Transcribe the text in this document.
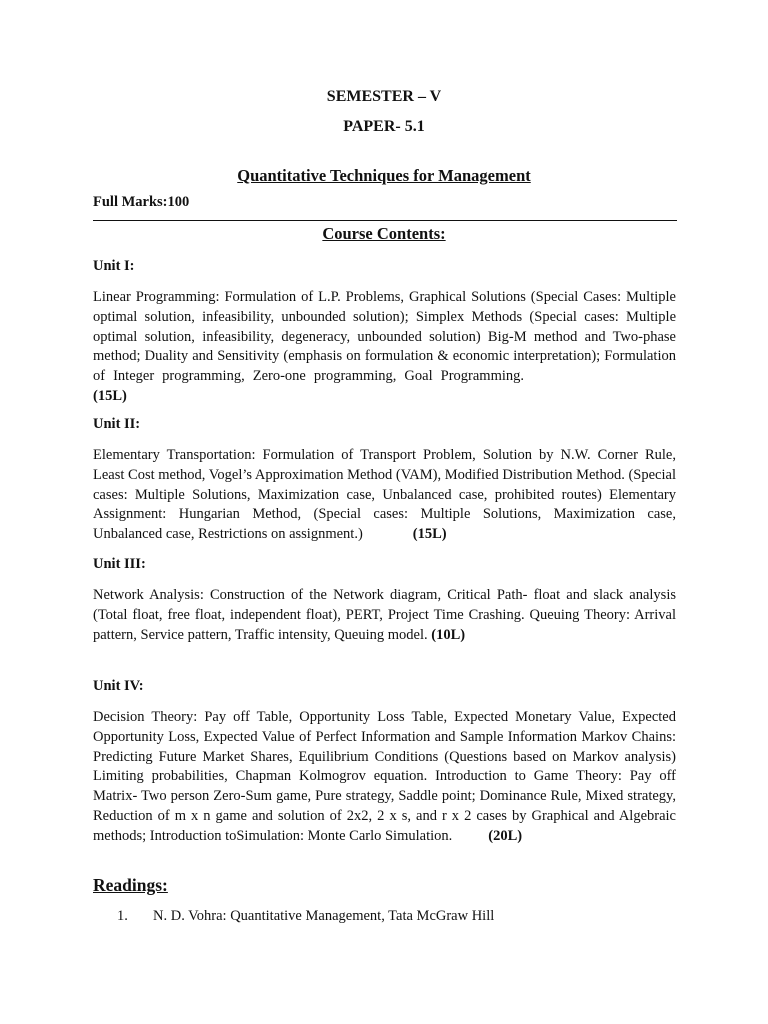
SEMESTER – V
PAPER- 5.1
Quantitative Techniques for Management
Full Marks:100
Course Contents:
Unit I:
Linear Programming: Formulation of L.P. Problems, Graphical Solutions (Special Cases: Multiple optimal solution, infeasibility, unbounded solution); Simplex Methods (Special cases: Multiple optimal solution, infeasibility, degeneracy, unbounded solution) Big-M method and Two-phase method; Duality and Sensitivity (emphasis on formulation & economic interpretation); Formulation of Integer programming, Zero-one programming, Goal Programming.(15L)
Unit II:
Elementary Transportation: Formulation of Transport Problem, Solution by N.W. Corner Rule, Least Cost method, Vogel’s Approximation Method (VAM), Modified Distribution Method. (Special cases: Multiple Solutions, Maximization case, Unbalanced case, prohibited routes) Elementary Assignment: Hungarian Method, (Special cases: Multiple Solutions, Maximization case, Unbalanced case, Restrictions on assignment.)	(15L)
Unit III:
Network Analysis: Construction of the Network diagram, Critical Path- float and slack analysis (Total float, free float, independent float), PERT, Project Time Crashing. Queuing Theory: Arrival pattern, Service pattern, Traffic intensity, Queuing model. (10L)
Unit IV:
Decision Theory: Pay off Table, Opportunity Loss Table, Expected Monetary Value, Expected Opportunity Loss, Expected Value of Perfect Information and Sample Information Markov Chains: Predicting Future Market Shares, Equilibrium Conditions (Questions based on Markov analysis) Limiting probabilities, Chapman Kolmogrov equation. Introduction to Game Theory: Pay off Matrix- Two person Zero-Sum game, Pure strategy, Saddle point; Dominance Rule, Mixed strategy, Reduction of m x n game and solution of 2x2, 2 x s, and r x 2 cases by Graphical and Algebraic methods; Introduction toSimulation: Monte Carlo Simulation. (20L)
Readings:
1. N. D. Vohra: Quantitative Management, Tata McGraw Hill
